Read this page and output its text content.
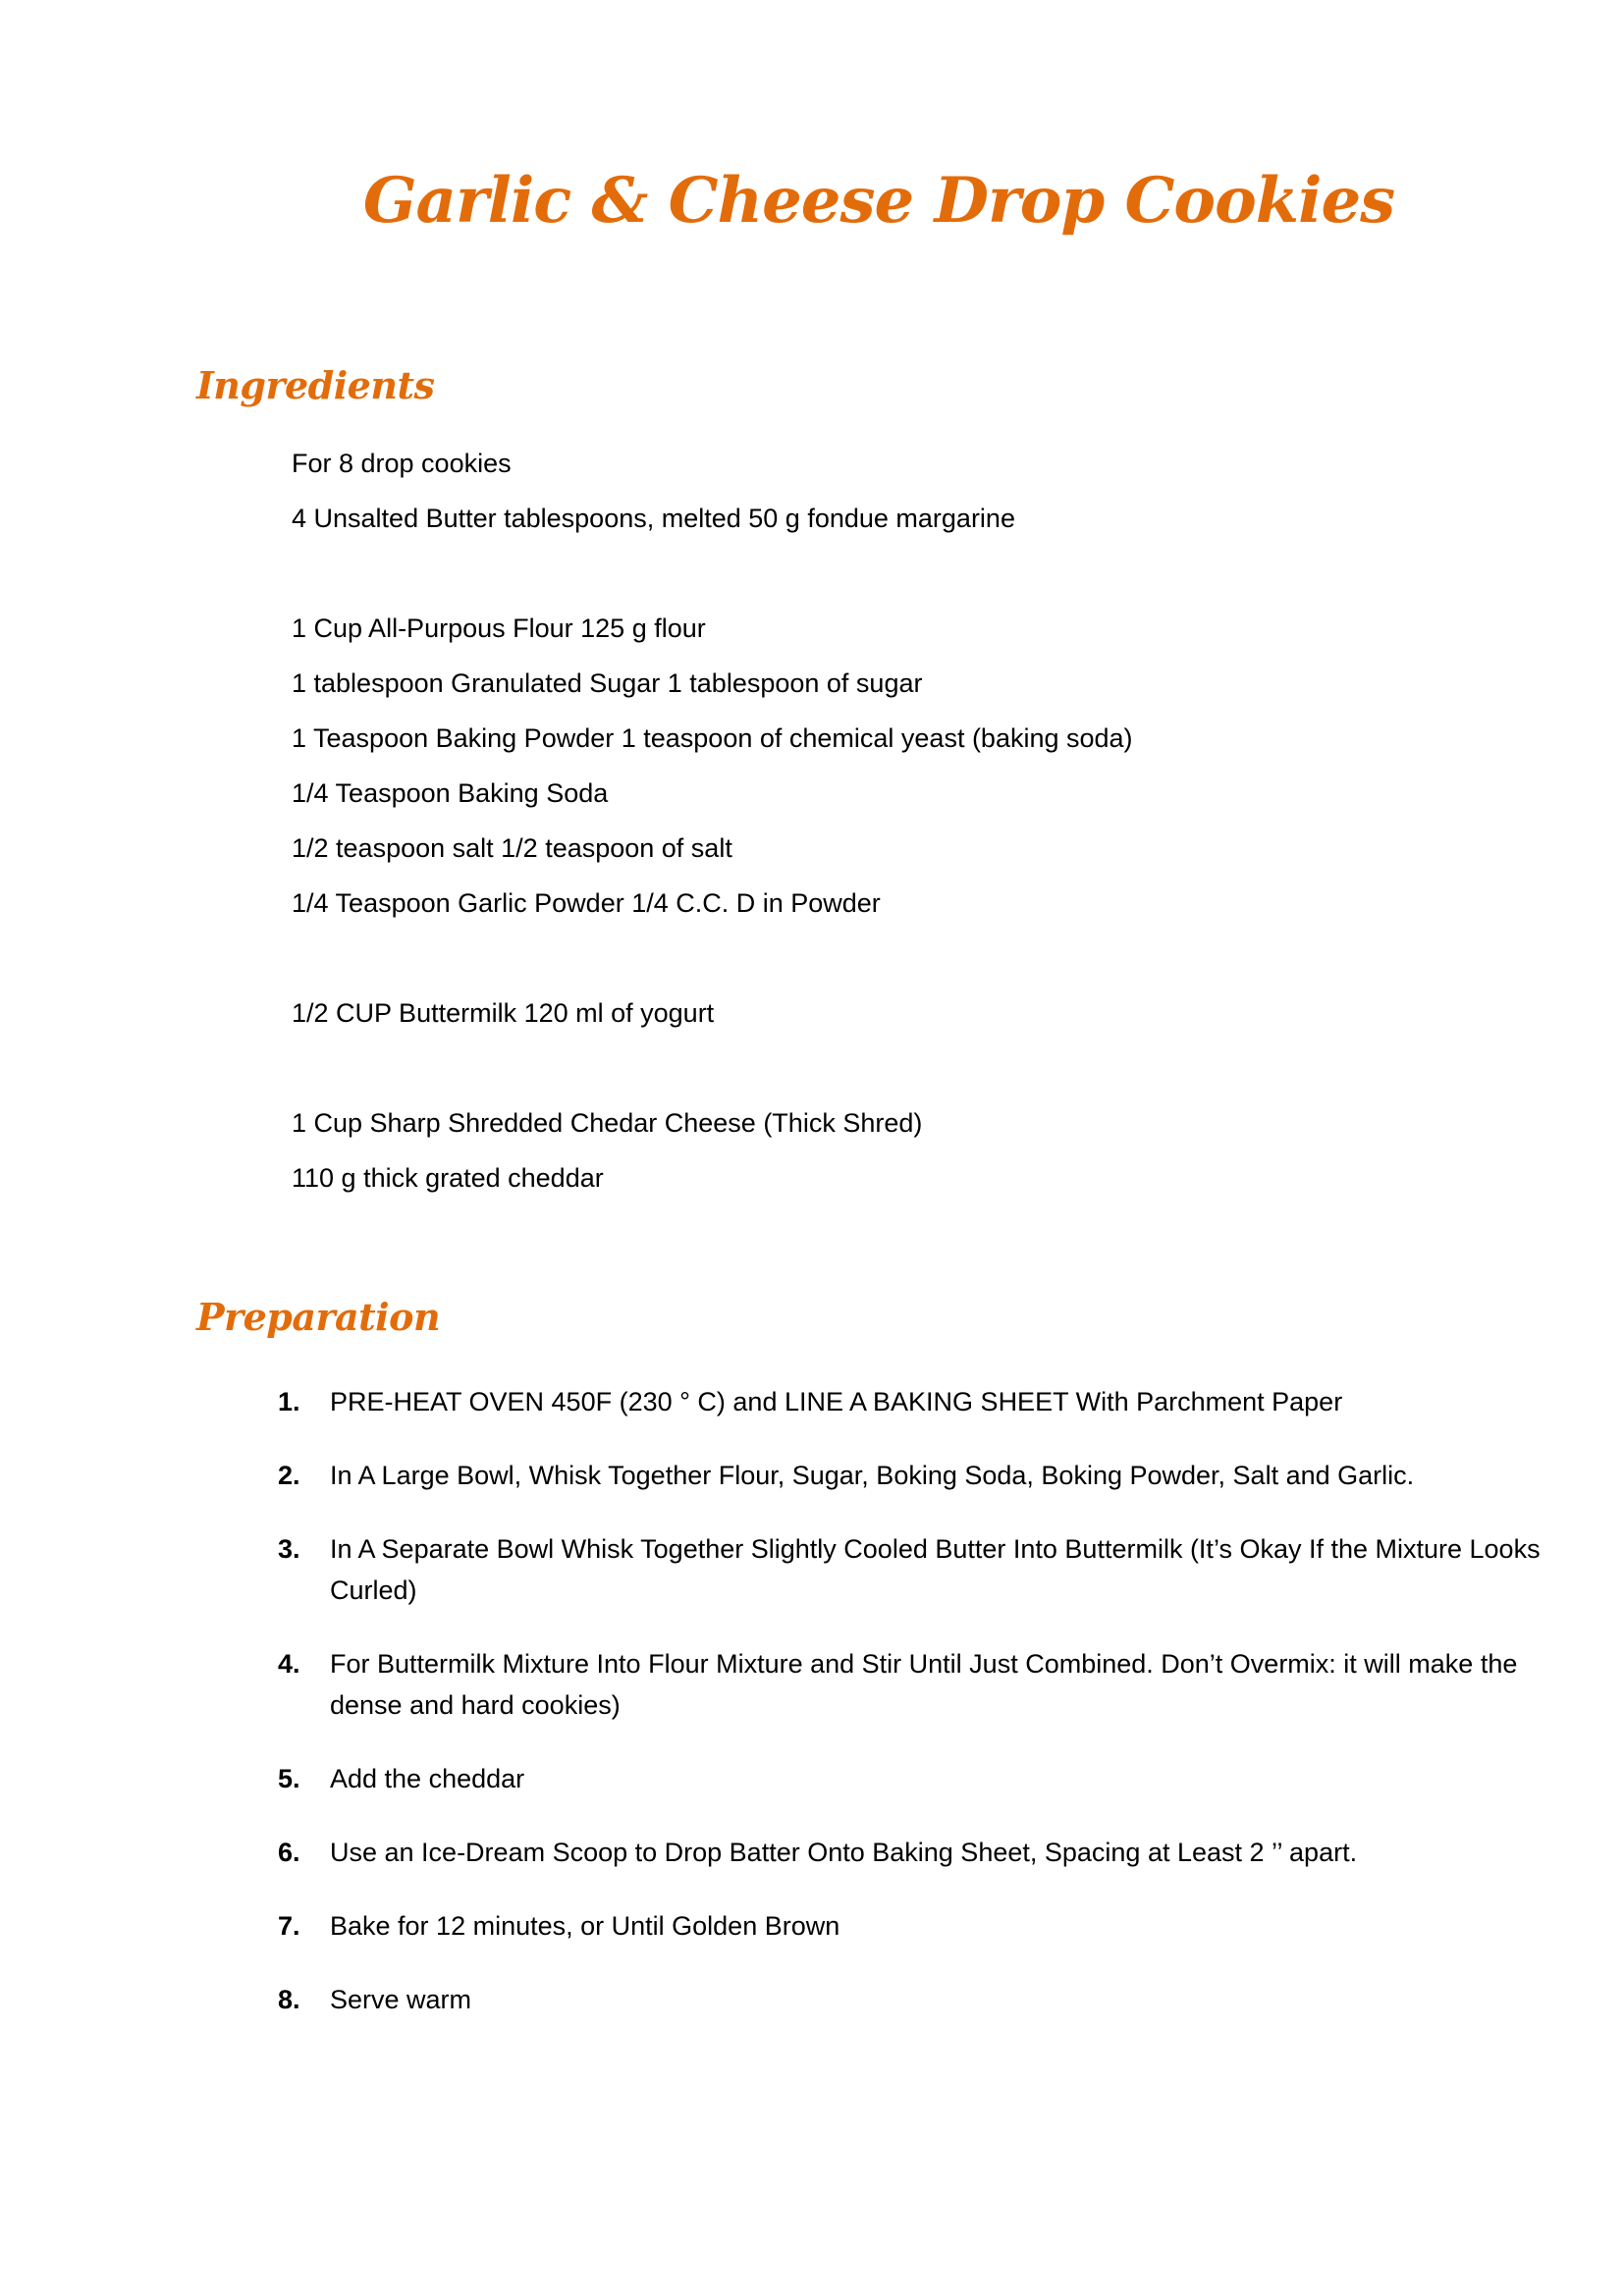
Garlic & Cheese Drop Cookies
Ingredients
For 8 drop cookies
4 Unsalted Butter tablespoons, melted 50 g fondue margarine
1 Cup All-Purpous Flour 125 g flour
1 tablespoon Granulated Sugar 1 tablespoon of sugar
1 Teaspoon Baking Powder 1 teaspoon of chemical yeast (baking soda)
1/4 Teaspoon Baking Soda
1/2 teaspoon salt 1/2 teaspoon of salt
1/4 Teaspoon Garlic Powder 1/4 C.C. D in Powder
1/2 CUP Buttermilk 120 ml of yogurt
1 Cup Sharp Shredded Chedar Cheese (Thick Shred)
110 g thick grated cheddar
Preparation
1. PRE-HEAT OVEN 450F (230 ° C) and LINE A BAKING SHEET With Parchment Paper
2. In A Large Bowl, Whisk Together Flour, Sugar, Boking Soda, Boking Powder, Salt and Garlic.
3. In A Separate Bowl Whisk Together Slightly Cooled Butter Into Buttermilk (It’s Okay If the Mixture Looks Curled)
4. For Buttermilk Mixture Into Flour Mixture and Stir Until Just Combined. Don’t Overmix: it will make the dense and hard cookies)
5. Add the cheddar
6. Use an Ice-Dream Scoop to Drop Batter Onto Baking Sheet, Spacing at Least 2 ’’ apart.
7. Bake for 12 minutes, or Until Golden Brown
8. Serve warm
